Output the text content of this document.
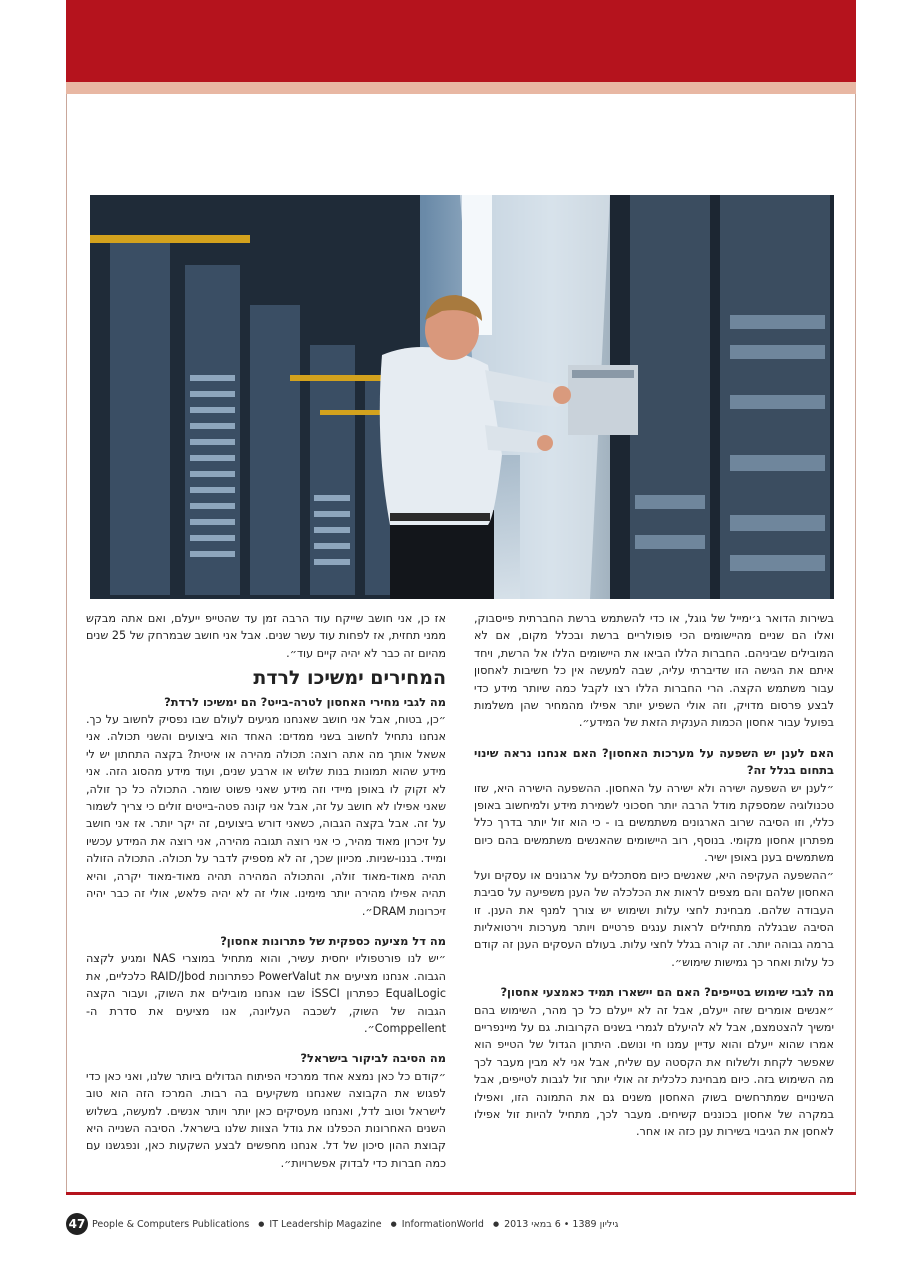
בשירות הדואר ג׳ימייל של גוגל, או כדי להשתמש ברשת החברתית פייסבוק, ואלו הם שניים מהיישומים הכי פופולריים ברשת ובכלל מקום, אם לא המובילים שביניהם. החברות הללו הביאו את היישומים הללו אל הרשת, ויחד איתם את הגישה הזו שדיברתי עליה, שבה למעשה אין כל חשיבות לאחסון עבור משתמש הקצה. הרי החברות הללו רצו לקבל כמה שיותר מידע כדי לבצע פרסום מדויק, וזה אולי השפיע יותר אפילו מהמחיר שהן משלמות בפועל עבור אחסון הכמות הענקית הזאת של המידע״.

האם לענן יש השפעה על מערכות האחסון? האם אנחנו נראה שינוי בתחום בגלל זה?

״לענן יש השפעה ישירה ולא ישירה על האחסון. ההשפעה הישירה היא, שזו טכנולוגיה שמספקת מודל הרבה יותר חסכוני לשמירת מידע ולמיחשוב באופן כללי, וזו הסיבה שרוב הארגונים משתמשים בו - כי הוא זול יותר בדרך כלל מפתרון אחסון מקומי. בנוסף, רוב היישומים שהאנשים משתמשים בהם כיום משתמשים בענן באופן ישיר.

״ההשפעה העקיפה היא, שאנשים כיום מסתכלים על ארגונים או עסקים ועל האחסון שלהם והם מצפים לראות את הכלכלה של הענן משפיעה על סביבת העבודה שלהם. מבחינת לחצי עלות ושימוש יש צורך למנף את הענן. זו הסיבה שבגללה מתחילים לראות ענגים פרטיים ויותר מערכות וירטואליות ברמה גבוהה יותר. זה קורה בגלל לחצי עלות. בעולם העסקים הענן זה קודם כל עלות ואחר כך גמישות שימוש״.

מה לגבי שימוש בטייפים? האם הם יישארו תמיד כאמצעי אחסון?

״אנשים אומרים שזה ייעלם, אבל זה לא ייעלם כל כך מהר, השימוש בהם ימשיך להצטמצם, אבל לא להיעלם לגמרי בשנים הקרובות. גם על מיינפריים אמרו שהוא ייעלם והוא עדיין עמנו חי ונושם. היתרון הגדול של הטייפ הוא שאפשר לקחת ולשלוח את הקסטה עם שליח, אבל אני לא מבין מעבר לכך מה השימוש בזה. כיום מבחינת כלכלית זה אולי יותר זול לגבות לטייפים, אבל השינויים שמתרחשים בשוק האחסון משנים גם את התמונה הזו, ואפילו במקרה של אחסון בכוננים קשיחים. מעבר לכך, מתחיל להיות זול אפילו לאחסן את הגיבוי בשירות ענן כזה או אחר.

אז כן, אני חושב שייקח עוד הרבה זמן עד שהטייפ ייעלם, ואם אתה מבקש ממני תחזית, אז לפחות עוד עשר שנים. אבל אני חושב שבמרחק של 25 שנים מהיום זה כבר לא יהיה קיים עוד״.

המחירים ימשיכו לרדת
מה לגבי מחירי האחסון לטרה-בייט? הם ימשיכו לרדת?

״כן, בטוח, אבל אני חושב שאנחנו מגיעים לעולם שבו נפסיק לחשוב על כך. אנחנו נתחיל לחשוב בשני ממדים: האחד הוא ביצועים והשני תכולה. אני אשאל אותך מה אתה רוצה: תכולה מהירה או איטית? בקצה התחתון יש לי מידע שהוא תמונות בנות שלוש או ארבע שנים, ועוד מידע מהסוג הזה. אני לא זקוק לו באופן מיידי וזה מידע שאני פשוט שומר. התכולה כל כך זולה, שאני אפילו לא חושב על זה, אבל אני קונה פטה-בייטים זולים כי צריך לשמור על זה. אבל בקצה הגבוה, כשאני דורש ביצועים, זה יקר יותר. אז אני חושב על זיכרון מאוד מהיר, כי אני רוצה תגובה מהירה, אני רוצה את המידע עכשיו ומייד. בננו-שניות. מכיוון שכך, זה לא מספיק לדבר על תכולה. התכולה הזולה תהיה מאוד-מאוד זולה, והתכולה המהירה תהיה מאוד-מאוד יקרה, והיא תהיה אפילו מהירה יותר מימינו. אולי זה לא יהיה פלאש, אולי זה כבר יהיה זיכרונות DRAM״.

מה דל מציעה כספקית של פתרונות אחסון?

״יש לנו פורטפוליו יחסית עשיר, והוא מתחיל במוצרי NAS ומגיע לקצה הגבוה. אנחנו מציעים את PowerValut כפתרונות RAID/Jbod כלכליים, את EqualLogic כפתרון iSSCI שבו אנחנו מובילים את השוק, ועבור הקצה הגבוה של השוק, לשכבה העליונה, אנו מציעים את סדרת ה-Comppellent״.

מה הסיבה לביקור בישראל?

״קודם כל כאן נמצא אחד ממרכזי הפיתוח הגדולים ביותר שלנו, ואני כאן כדי לפגוש את הקבוצה שאנחנו משקיעים בה רבות. המרכז הזה הוא טוב לישראל וטוב לדל, ואנחנו מעסיקים כאן יותר ויותר אנשים. למעשה, בשלוש השנים האחרונות הכפלנו את גודל הצוות שלנו בישראל. הסיבה השנייה היא קבוצת ההון סיכון של דל. אנחנו מחפשים לבצע השקעות כאן, ונפגשנו עם כמה חברות כדי לבדוק אפשרויות״.

47 People & Computers Publications ● IT Leadership Magazine ● InformationWorld ● גיליון 1389 • 6 במאי 2013
